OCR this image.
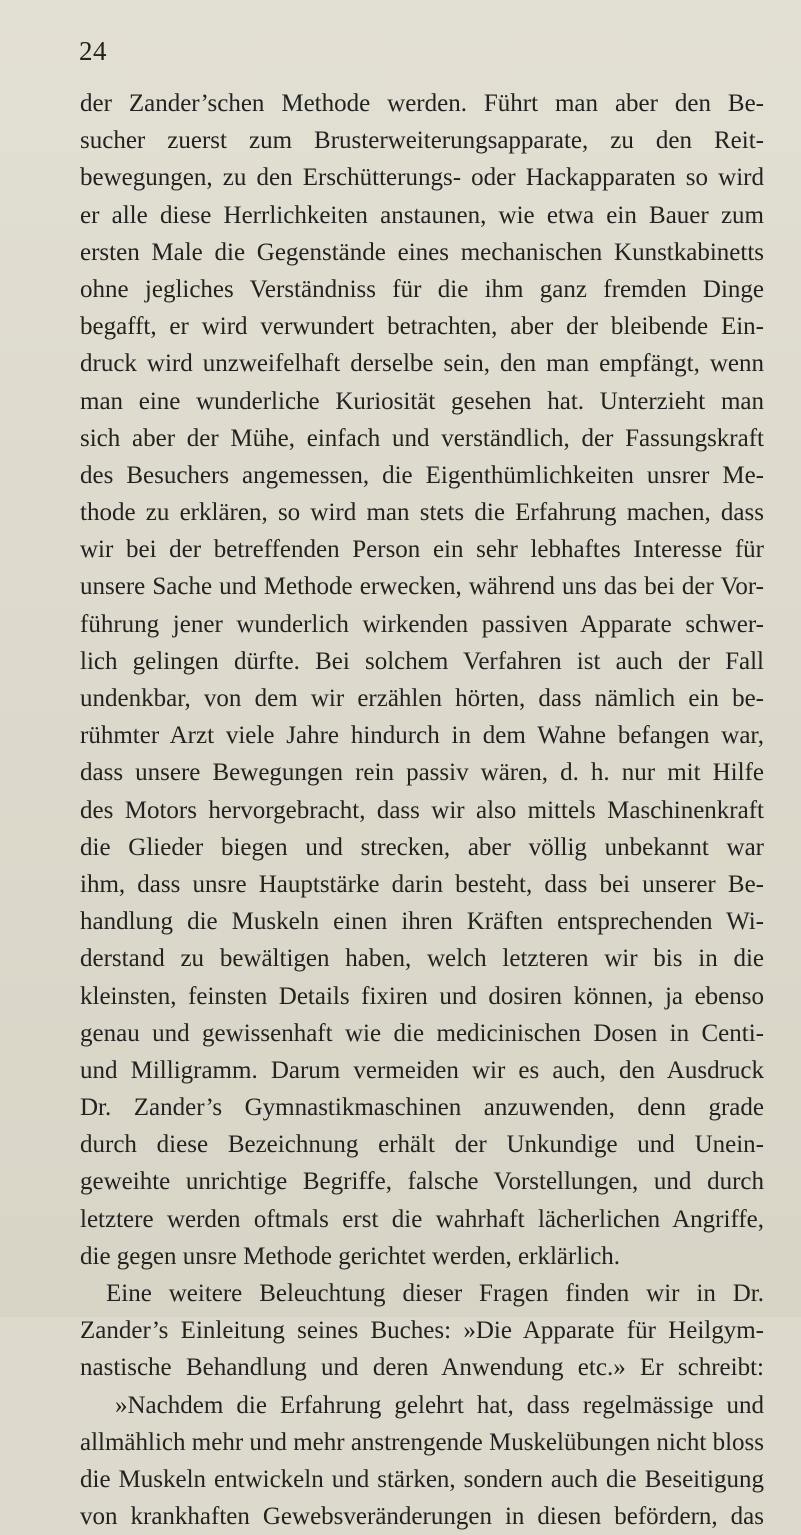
24
der Zander’schen Methode werden. Führt man aber den Be-
sucher zuerst zum Brusterweiterungsapparate, zu den Reit-
bewegungen, zu den Erschütterungs- oder Hackapparaten so wird
er alle diese Herrlichkeiten anstaunen, wie etwa ein Bauer zum
ersten Male die Gegenstände eines mechanischen Kunstkabinetts
ohne jegliches Verständniss für die ihm ganz fremden Dinge
begafft, er wird verwundert betrachten, aber der bleibende Ein-
druck wird unzweifelhaft derselbe sein, den man empfängt, wenn
man eine wunderliche Kuriosität gesehen hat. Unterzieht man
sich aber der Mühe, einfach und verständlich, der Fassungskraft
des Besuchers angemessen, die Eigenthümlichkeiten unsrer Me-
thode zu erklären, so wird man stets die Erfahrung machen, dass
wir bei der betreffenden Person ein sehr lebhaftes Interesse für
unsere Sache und Methode erwecken, während uns das bei der Vor-
führung jener wunderlich wirkenden passiven Apparate schwer-
lich gelingen dürfte. Bei solchem Verfahren ist auch der Fall
undenkbar, von dem wir erzählen hörten, dass nämlich ein be-
rühmter Arzt viele Jahre hindurch in dem Wahne befangen war,
dass unsere Bewegungen rein passiv wären, d. h. nur mit Hilfe
des Motors hervorgebracht, dass wir also mittels Maschinenkraft
die Glieder biegen und strecken, aber völlig unbekannt war
ihm, dass unsre Hauptstärke darin besteht, dass bei unserer Be-
handlung die Muskeln einen ihren Kräften entsprechenden Wi-
derstand zu bewältigen haben, welch letzteren wir bis in die
kleinsten, feinsten Details fixiren und dosiren können, ja ebenso
genau und gewissenhaft wie die medicinischen Dosen in Centi-
und Milligramm. Darum vermeiden wir es auch, den Ausdruck
Dr. Zander’s Gymnastikmaschinen anzuwenden, denn grade
durch diese Bezeichnung erhält der Unkundige und Unein-
geweihte unrichtige Begriffe, falsche Vorstellungen, und durch
letztere werden oftmals erst die wahrhaft lächerlichen Angriffe,
die gegen unsre Methode gerichtet werden, erklärlich.
Eine weitere Beleuchtung dieser Fragen finden wir in Dr.
Zander’s Einleitung seines Buches: »Die Apparate für Heilgym-
nastische Behandlung und deren Anwendung etc.» Er schreibt:
»Nachdem die Erfahrung gelehrt hat, dass regelmässige und
allmählich mehr und mehr anstrengende Muskelübungen nicht bloss
die Muskeln entwickeln und stärken, sondern auch die Beseitigung
von krankhaften Gewebsveränderungen in diesen befördern, das
